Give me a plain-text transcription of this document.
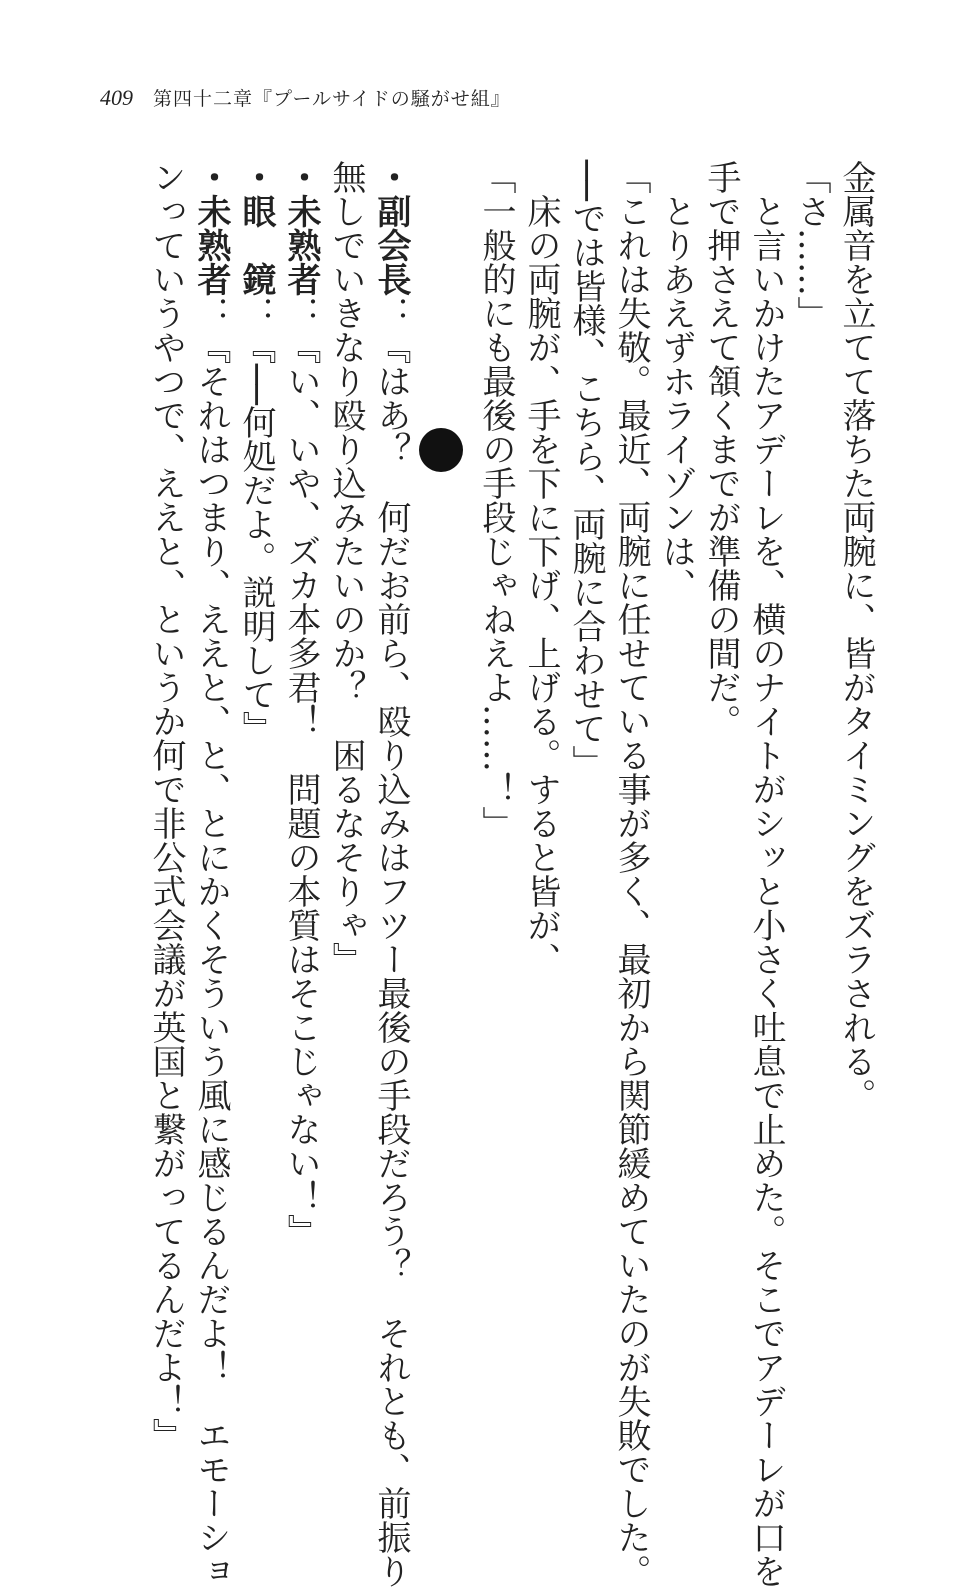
409 第四十二章『プールサイドの騒がせ組』
金属音を立てて落ちた両腕に、皆がタイミングをズラされる。
「さ……」
　と言いかけたアデーレを、横のナイトがシッと小さく吐息で止めた。そこでアデーレが口を
手で押さえて頷くまでが準備の間だ。
　とりあえずホライゾンは、
「これは失敬。最近、両腕に任せている事が多く、最初から関節緩めていたのが失敗でした。
──では皆様、こちら、両腕に合わせて」
　床の両腕が、手を下に下げ、上げる。すると皆が、
「一般的にも最後の手段じゃねえよ……！」
・副会長：『はあ？　何だお前ら、殴り込みはフツー最後の手段だろう？　それとも、前振り
無しでいきなり殴り込みたいのか？　困るなそりゃ』
・未熟者：『い、いや、ズカ本多君！　問題の本質はそこじゃない！』
・眼　鏡：『──何処だよ。説明して』
・未熟者：『それはつまり、ええと、と、とにかくそういう風に感じるんだよ！　エモーショ
ンっていうやつで、ええと、というか何で非公式会議が英国と繋がってるんだよ！』
